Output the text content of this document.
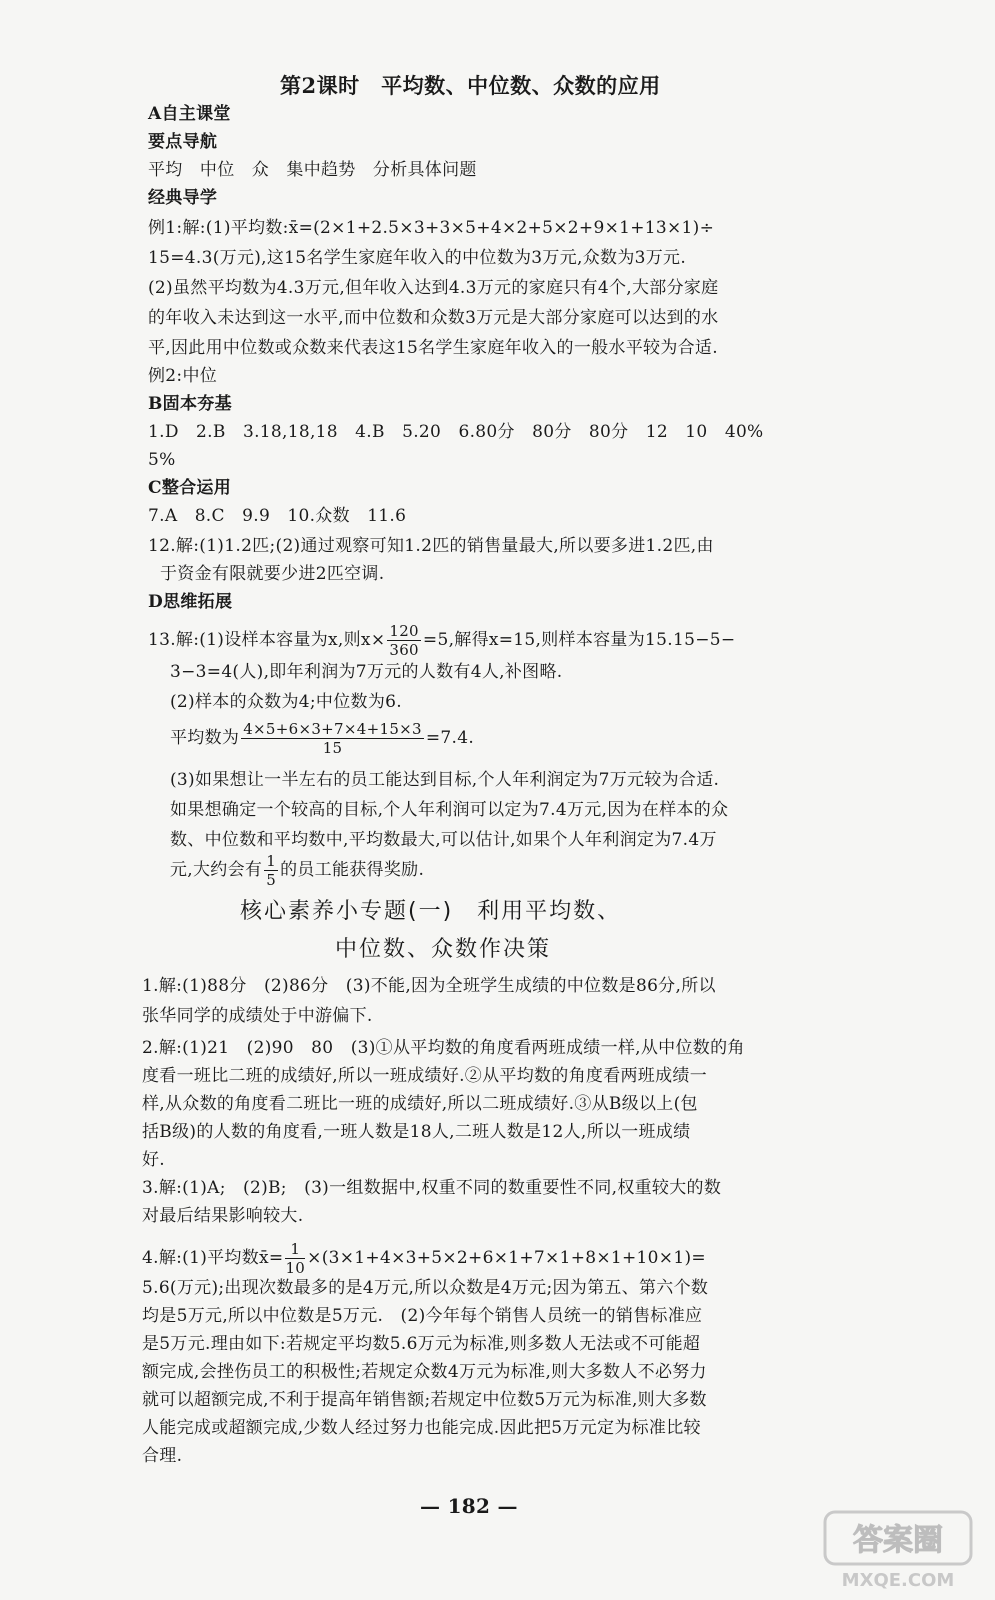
第2课时　平均数、中位数、众数的应用
A自主课堂
要点导航
平均　中位　众　集中趋势　分析具体问题
经典导学
例1:解:(1)平均数:x̄=(2×1+2.5×3+3×5+4×2+5×2+9×1+13×1)÷
15=4.3(万元),这15名学生家庭年收入的中位数为3万元,众数为3万元.
(2)虽然平均数为4.3万元,但年收入达到4.3万元的家庭只有4个,大部分家庭
的年收入未达到这一水平,而中位数和众数3万元是大部分家庭可以达到的水
平,因此用中位数或众数来代表这15名学生家庭年收入的一般水平较为合适.
例2:中位
B固本夯基
1.D　2.B　3.18,18,18　4.B　5.20　6.80分　80分　80分　12　10　40%
5%
C整合运用
7.A　8.C　9.9　10.众数　11.6
12.解:(1)1.2匹;(2)通过观察可知1.2匹的销售量最大,所以要多进1.2匹,由
于资金有限就要少进2匹空调.
D思维拓展
13.解:(1)设样本容量为x,则$x\times \frac{120}{360} =5$,解得x=15,则样本容量为15.15−5−
3−3=4(人),即年利润为7万元的人数有4人,补图略.
(2)样本的众数为4;中位数为6.
平均数为 $\frac{4\times 5+6\times 3+7\times 4+15\times 3}{15} =7.4$.
(3)如果想让一半左右的员工能达到目标,个人年利润定为7万元较为合适.
如果想确定一个较高的目标,个人年利润可以定为7.4万元,因为在样本的众
数、中位数和平均数中,平均数最大,可以估计,如果个人年利润定为7.4万
元,大约会有 $\frac{1}{5}$ 的员工能获得奖励.
核心素养小专题(一)　利用平均数、
中位数、众数作决策
1.解:(1)88分　(2)86分　(3)不能,因为全班学生成绩的中位数是86分,所以
张华同学的成绩处于中游偏下.
2.解:(1)21　(2)90　80　(3)①从平均数的角度看两班成绩一样,从中位数的角
度看一班比二班的成绩好,所以一班成绩好.②从平均数的角度看两班成绩一
样,从众数的角度看二班比一班的成绩好,所以二班成绩好.③从B级以上(包
括B级)的人数的角度看,一班人数是18人,二班人数是12人,所以一班成绩
好.
3.解:(1)A;　(2)B;　(3)一组数据中,权重不同的数重要性不同,权重较大的数
对最后结果影响较大.
4.解:(1)平均数x̄= $\frac{1}{10} \times(3\times 1+4\times 3+5\times 2+6\times 1+7\times 1+8\times 1+10\times 1)=$
5.6(万元);出现次数最多的是4万元,所以众数是4万元;因为第五、第六个数
均是5万元,所以中位数是5万元.　(2)今年每个销售人员统一的销售标准应
是5万元.理由如下:若规定平均数5.6万元为标准,则多数人无法或不可能超
额完成,会挫伤员工的积极性;若规定众数4万元为标准,则大多数人不必努力
就可以超额完成,不利于提高年销售额;若规定中位数5万元为标准,则大多数
人能完成或超额完成,少数人经过努力也能完成.因此把5万元定为标准比较
合理.
— 182 —
答案圈
MXQE.COM
